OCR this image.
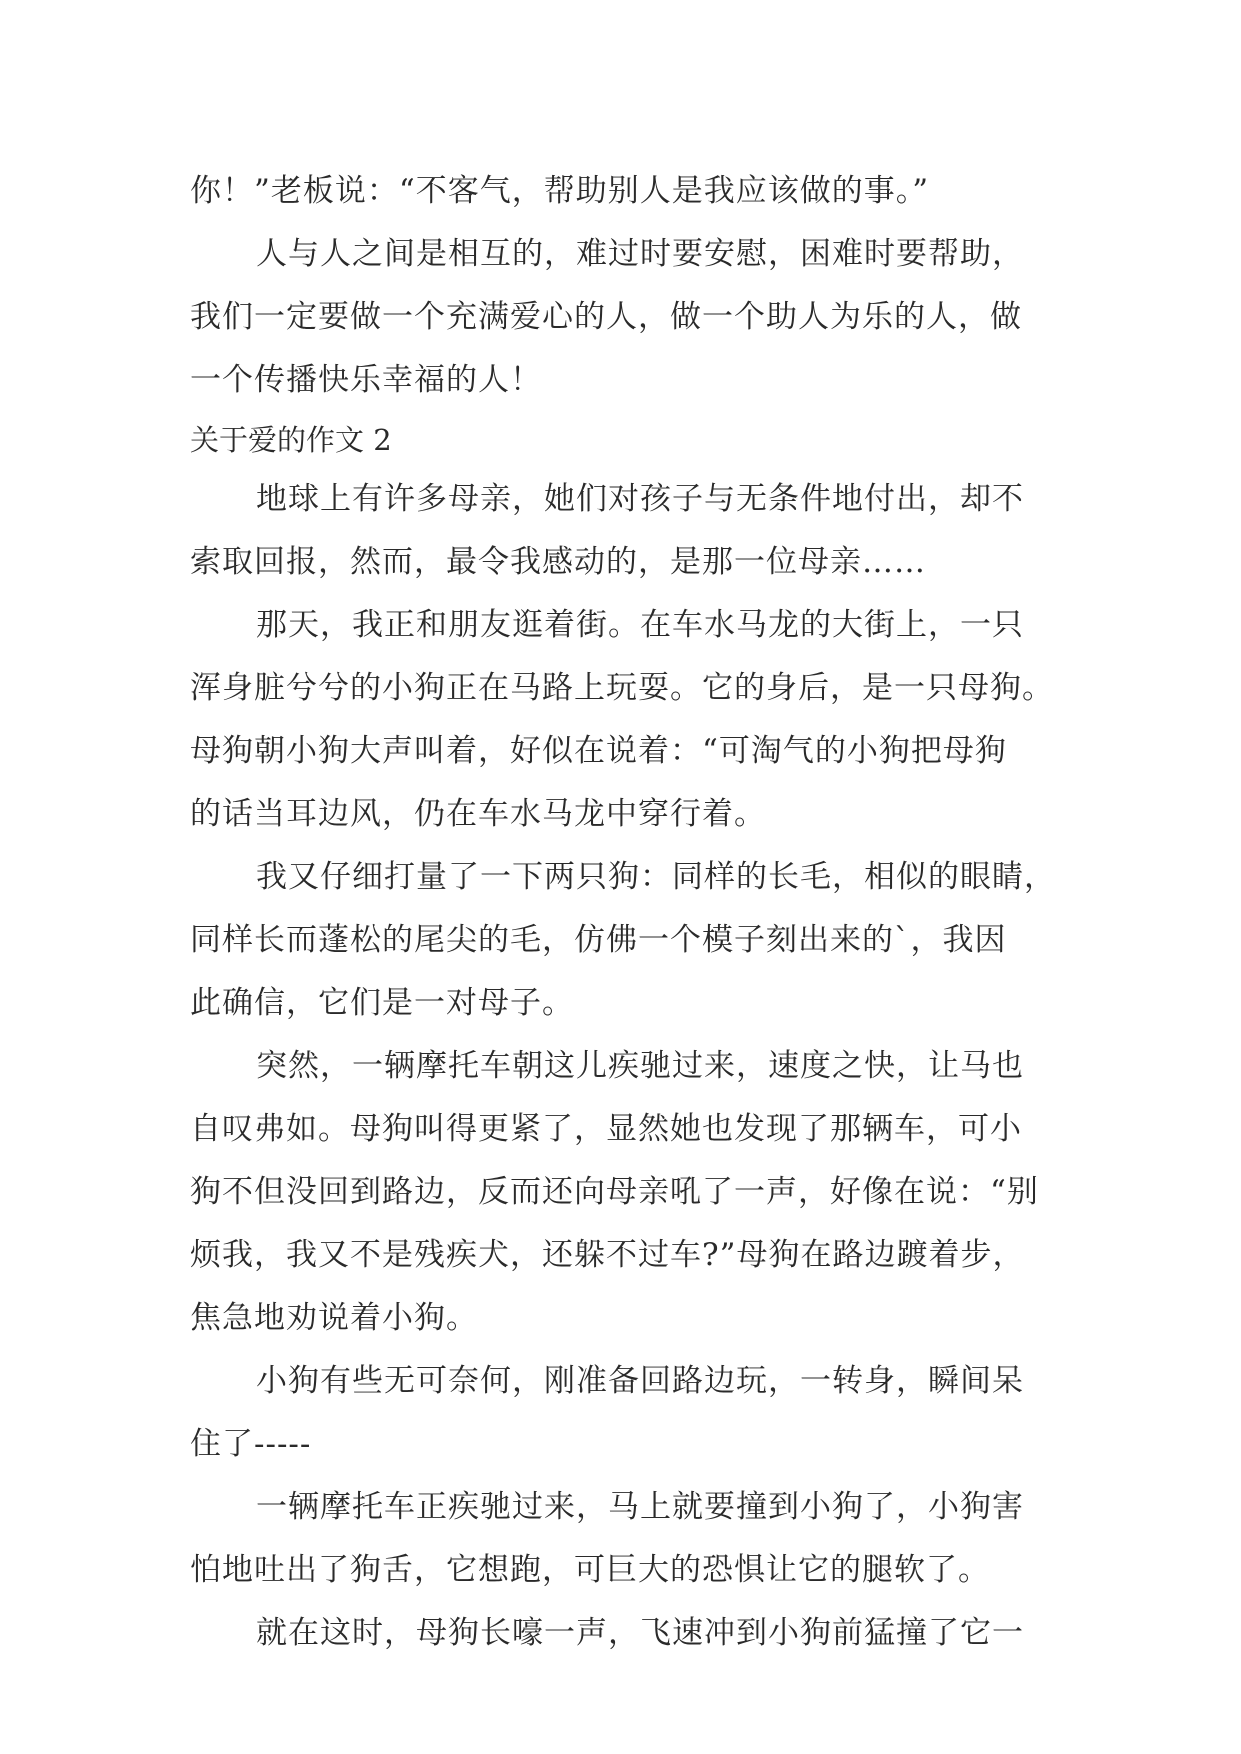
你！”老板说：“不客气，帮助别人是我应该做的事。”
人与人之间是相互的，难过时要安慰，困难时要帮助，
我们一定要做一个充满爱心的人，做一个助人为乐的人，做
一个传播快乐幸福的人！
关于爱的作文 2
地球上有许多母亲，她们对孩子与无条件地付出，却不
索取回报，然而，最令我感动的，是那一位母亲……
那天，我正和朋友逛着街。在车水马龙的大街上，一只
浑身脏兮兮的小狗正在马路上玩耍。它的身后，是一只母狗。
母狗朝小狗大声叫着，好似在说着：“可淘气的小狗把母狗
的话当耳边风，仍在车水马龙中穿行着。
我又仔细打量了一下两只狗：同样的长毛，相似的眼睛，
同样长而蓬松的尾尖的毛，仿佛一个模子刻出来的`，我因
此确信，它们是一对母子。
突然，一辆摩托车朝这儿疾驰过来，速度之快，让马也
自叹弗如。母狗叫得更紧了，显然她也发现了那辆车，可小
狗不但没回到路边，反而还向母亲吼了一声，好像在说：“别
烦我，我又不是残疾犬，还躲不过车?”母狗在路边踱着步，
焦急地劝说着小狗。
小狗有些无可奈何，刚准备回路边玩，一转身，瞬间呆
住了-----
一辆摩托车正疾驰过来，马上就要撞到小狗了，小狗害
怕地吐出了狗舌，它想跑，可巨大的恐惧让它的腿软了。
就在这时，母狗长嚎一声，飞速冲到小狗前猛撞了它一
